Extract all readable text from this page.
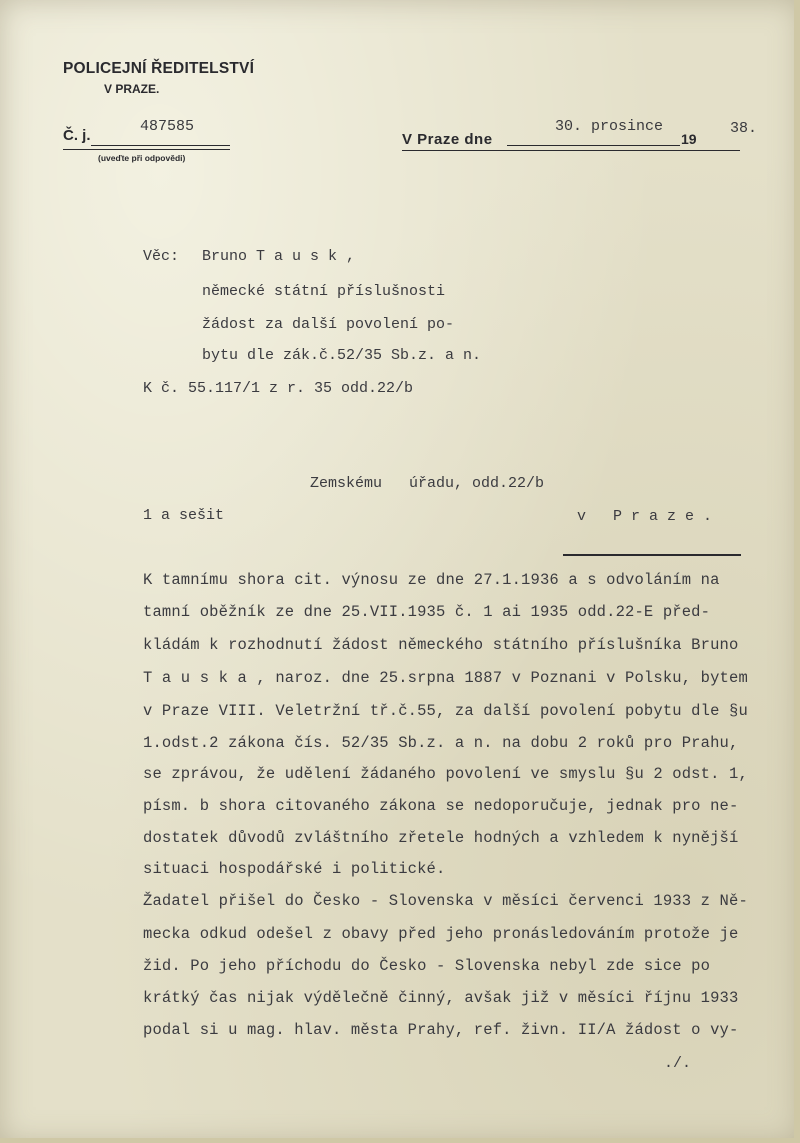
POLICEJNÍ ŘEDITELSTVÍ
V PRAZE.
Č. j.
487585
(uveďte při odpovědi)
V Praze dne
30. prosince
19
38.
Věc: Bruno T a u s k ,
německé státní příslušnosti
žádost za další povolení po-
bytu dle zák.č.52/35 Sb.z. a n.
K č. 55.117/1 z r. 35 odd.22/b
Zemskému   úřadu, odd.22/b
1 a sešit	v   P r a z e .
K tamnímu shora cit. výnosu ze dne 27.1.1936 a s odvoláním na
tamní oběžník ze dne 25.VII.1935 č. 1 ai 1935 odd.22-E před-
kládám k rozhodnutí žádost německého státního příslušníka Bruno
T a u s k a , naroz. dne 25.srpna 1887 v Poznani v Polsku, bytem
v Praze VIII. Veletržní tř.č.55, za další povolení pobytu dle §u
1.odst.2 zákona čís. 52/35 Sb.z. a n. na dobu 2 roků pro Prahu,
se zprávou, že udělení žádaného povolení ve smyslu §u 2 odst. 1,
písm. b shora citovaného zákona se nedoporučuje, jednak pro ne-
dostatek důvodů zvláštního zřetele hodných a vzhledem k nynější
situaci hospodářské i politické.
Žadatel přišel do Česko - Slovenska v měsíci červenci 1933 z Ně-
mecka odkud odešel z obavy před jeho pronásledováním protože je
žid. Po jeho příchodu do Česko - Slovenska nebyl zde sice po
krátký čas nijak výdělečně činný, avšak již v měsíci říjnu 1933
podal si u mag. hlav. města Prahy, ref. živn. II/A žádost o vy-
./.
